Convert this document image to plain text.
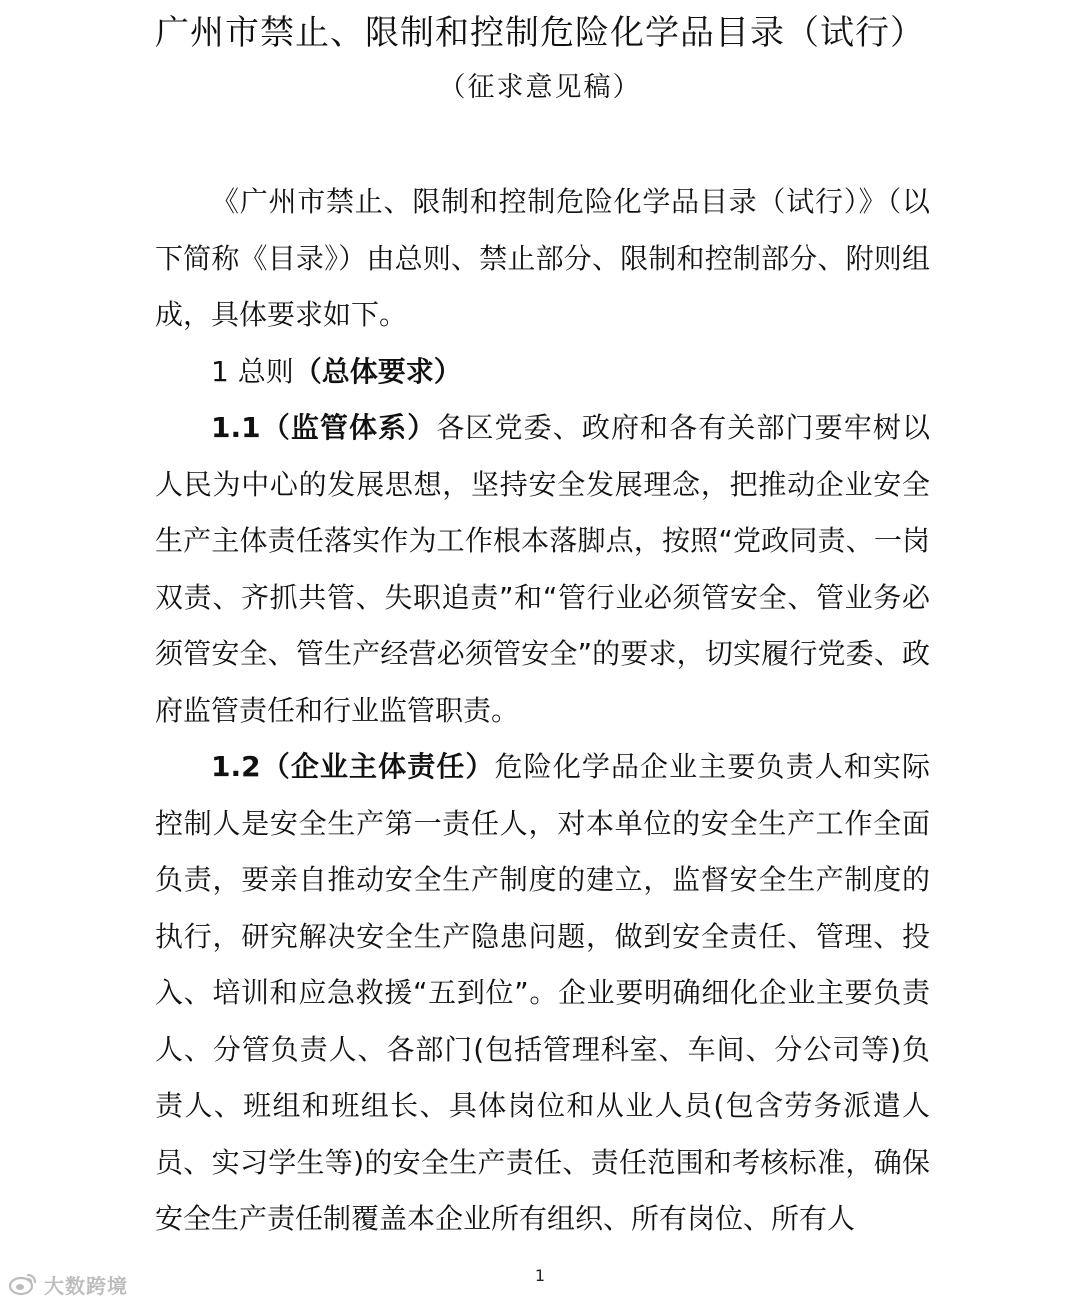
广州市禁止、限制和控制危险化学品目录（试行）
（征求意见稿）

《广州市禁止、限制和控制危险化学品目录（试行）》（以下简称《目录》）由总则、禁止部分、限制和控制部分、附则组成，具体要求如下。

1 总则（总体要求）

1.1（监管体系）各区党委、政府和各有关部门要牢树以人民为中心的发展思想，坚持安全发展理念，把推动企业安全生产主体责任落实作为工作根本落脚点，按照“党政同责、一岗双责、齐抓共管、失职追责”和“管行业必须管安全、管业务必须管安全、管生产经营必须管安全”的要求，切实履行党委、政府监管责任和行业监管职责。

1.2（企业主体责任）危险化学品企业主要负责人和实际控制人是安全生产第一责任人，对本单位的安全生产工作全面负责，要亲自推动安全生产制度的建立，监督安全生产制度的执行，研究解决安全生产隐患问题，做到安全责任、管理、投入、培训和应急救援“五到位”。企业要明确细化企业主要负责人、分管负责人、各部门(包括管理科室、车间、分公司等)负责人、班组和班组长、具体岗位和从业人员(包含劳务派遣人员、实习学生等)的安全生产责任、责任范围和考核标准，确保安全生产责任制覆盖本企业所有组织、所有岗位、所有人

1
大数跨境
